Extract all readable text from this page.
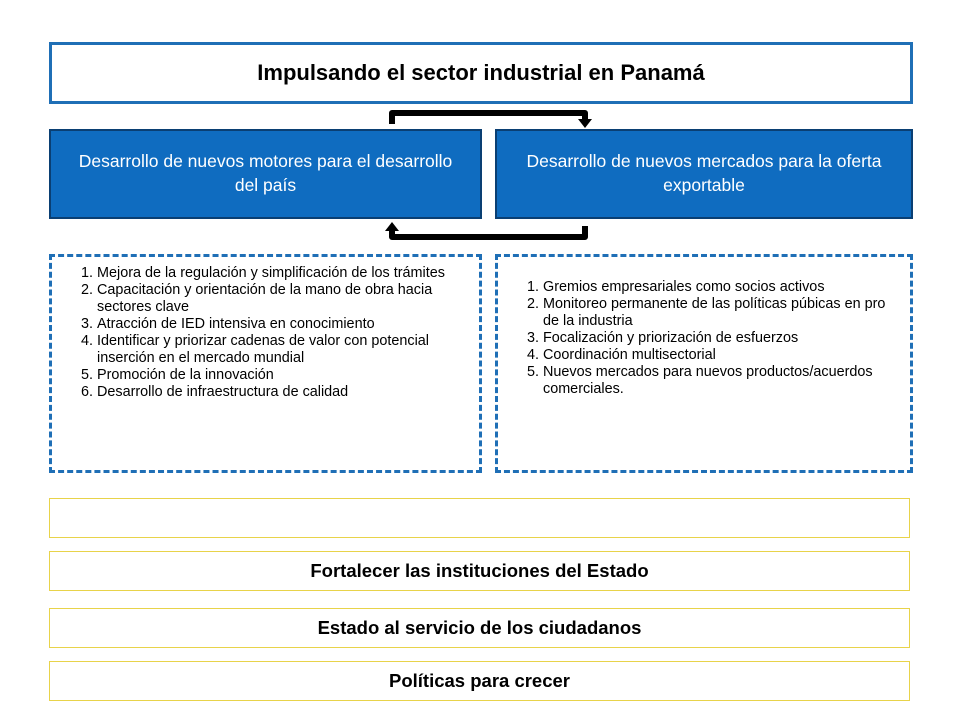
Impulsando el sector industrial en Panamá
Desarrollo de nuevos motores para el desarrollo del país
Desarrollo de nuevos mercados para la oferta exportable
1. Mejora de la regulación y simplificación de los trámites
2. Capacitación y orientación de la mano de obra hacia sectores clave
3. Atracción de IED intensiva en conocimiento
4. Identificar y priorizar cadenas de valor con potencial inserción en el mercado mundial
5. Promoción de la innovación
6. Desarrollo de infraestructura de calidad
1. Gremios empresariales como socios activos
2. Monitoreo permanente de las políticas púbicas en pro de la industria
3. Focalización y priorización de esfuerzos
4. Coordinación multisectorial
5. Nuevos mercados para nuevos productos/acuerdos comerciales.
Fortalecer las instituciones del Estado
Estado al servicio de los ciudadanos
Políticas para crecer
